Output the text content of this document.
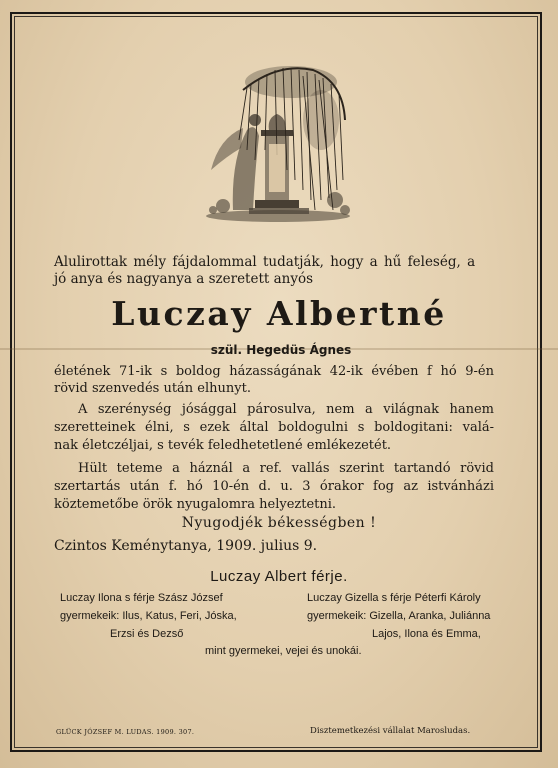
Alulirottak mély fájdalommal tudatják, hogy a hű feleség, a
jó anya és nagyanya a szeretett anyós
Luczay Albertné
szül. Hegedüs Ágnes
életének 71-ik s boldog házasságának 42-ik évében f hó 9-én
rövid szenvedés után elhunyt.
A szerénység jósággal párosulva, nem a világnak hanem
szeretteinek élni, s ezek által boldogulni s boldogitani: valá-
nak életczéljai, s tevék feledhetetlené emlékezetét.
Hült teteme a háznál a ref. vallás szerint tartandó rövid
szertartás után f. hó 10-én d. u. 3 órakor fog az istvánházi
köztemetőbe örök nyugalomra helyeztetni.
Nyugodjék békességben !
Czintos Keménytanya, 1909. julius 9.
Luczay Albert férje.
Luczay Ilona s férje Szász József
gyermekeik: Ilus, Katus, Feri, Jóska,
Erzsi és Dezső
Luczay Gizella s férje Péterfi Károly
gyermekeik: Gizella, Aranka, Juliánna
Lajos, Ilona és Emma,
mint gyermekei, vejei és unokái.
GLÜCK JÓZSEF M. LUDAS. 1909. 307.	Disztemetkezési vállalat Marosludas.
